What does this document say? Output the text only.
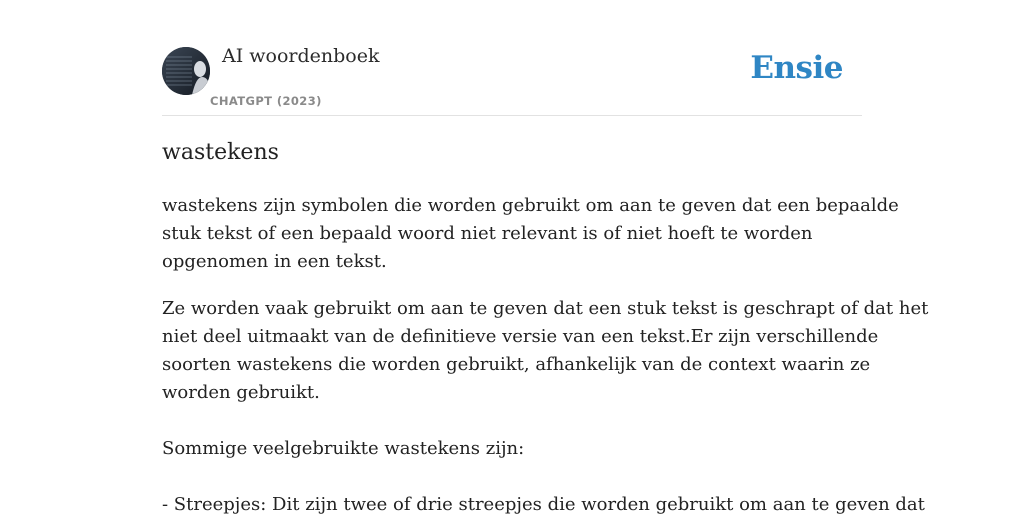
AI woordenboek
CHATGPT (2023)
Ensie
wastekens
wastekens zijn symbolen die worden gebruikt om aan te geven dat een bepaalde
stuk tekst of een bepaald woord niet relevant is of niet hoeft te worden
opgenomen in een tekst.
Ze worden vaak gebruikt om aan te geven dat een stuk tekst is geschrapt of dat het
niet deel uitmaakt van de definitieve versie van een tekst.Er zijn verschillende
soorten wastekens die worden gebruikt, afhankelijk van de context waarin ze
worden gebruikt.
Sommige veelgebruikte wastekens zijn:
- Streepjes: Dit zijn twee of drie streepjes die worden gebruikt om aan te geven dat
